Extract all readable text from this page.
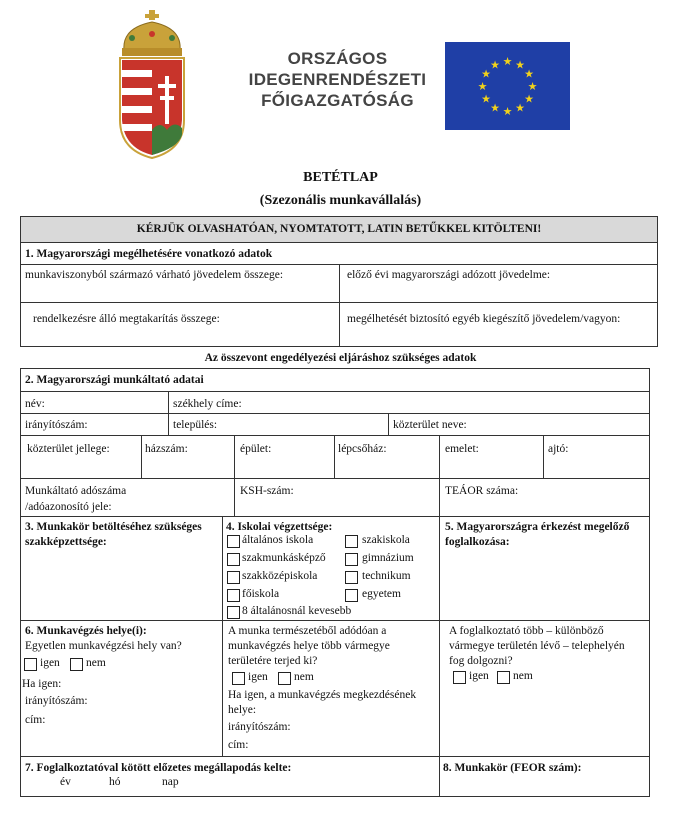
ORSZÁGOS
IDEGENRENDÉSZETI
FŐIGAZGATÓSÁG
★ ★
★
★
★
★
★
★
★
★
★
★
BETÉTLAP
(Szezonális munkavállalás)
KÉRJÜK OLVASHATÓAN, NYOMTATOTT, LATIN BETŰKKEL KITÖLTENI!
1. Magyarországi megélhetésére vonatkozó adatok
munkaviszonyból származó várható jövedelem összege:	előző évi magyarországi adózott jövedelme:
rendelkezésre álló megtakarítás összege:	megélhetését biztosító egyéb kiegészítő jövedelem/vagyon:
Az összevont engedélyezési eljáráshoz szükséges adatok
2. Magyarországi munkáltató adatai
név:	székhely címe:
irányítószám:	település:	közterület neve:
közterület jellege:	házszám:	épület:	lépcsőház:	emelet:	ajtó:
Munkáltató adószáma
/adóazonosító jele:
KSH-szám:	TEÁOR száma:
3. Munkakör betöltéséhez szükséges
szakképzettsége:
4. Iskolai végzettsége:
általános iskola
szakmunkásképző
szakközépiskola
főiskola
szakiskola
gimnázium
technikum
egyetem
8 általánosnál kevesebb
5. Magyarországra érkezést megelőző
foglalkozása:
6. Munkavégzés helye(i):
Egyetlen munkavégzési hely van?
igen nem
Ha igen:
irányítószám:
cím:
A munka természetéből adódóan a
munkavégzés helye több vármegye
területére terjed ki?
igen nem
Ha igen, a munkavégzés megkezdésének
helye:
irányítószám:
cím:
A foglalkoztató több – különböző
vármegye területén lévő – telephelyén
fog dolgozni?
igen nem
7. Foglalkoztatóval kötött előzetes megállapodás kelte:
év	hó	nap
8. Munkakör (FEOR szám):
